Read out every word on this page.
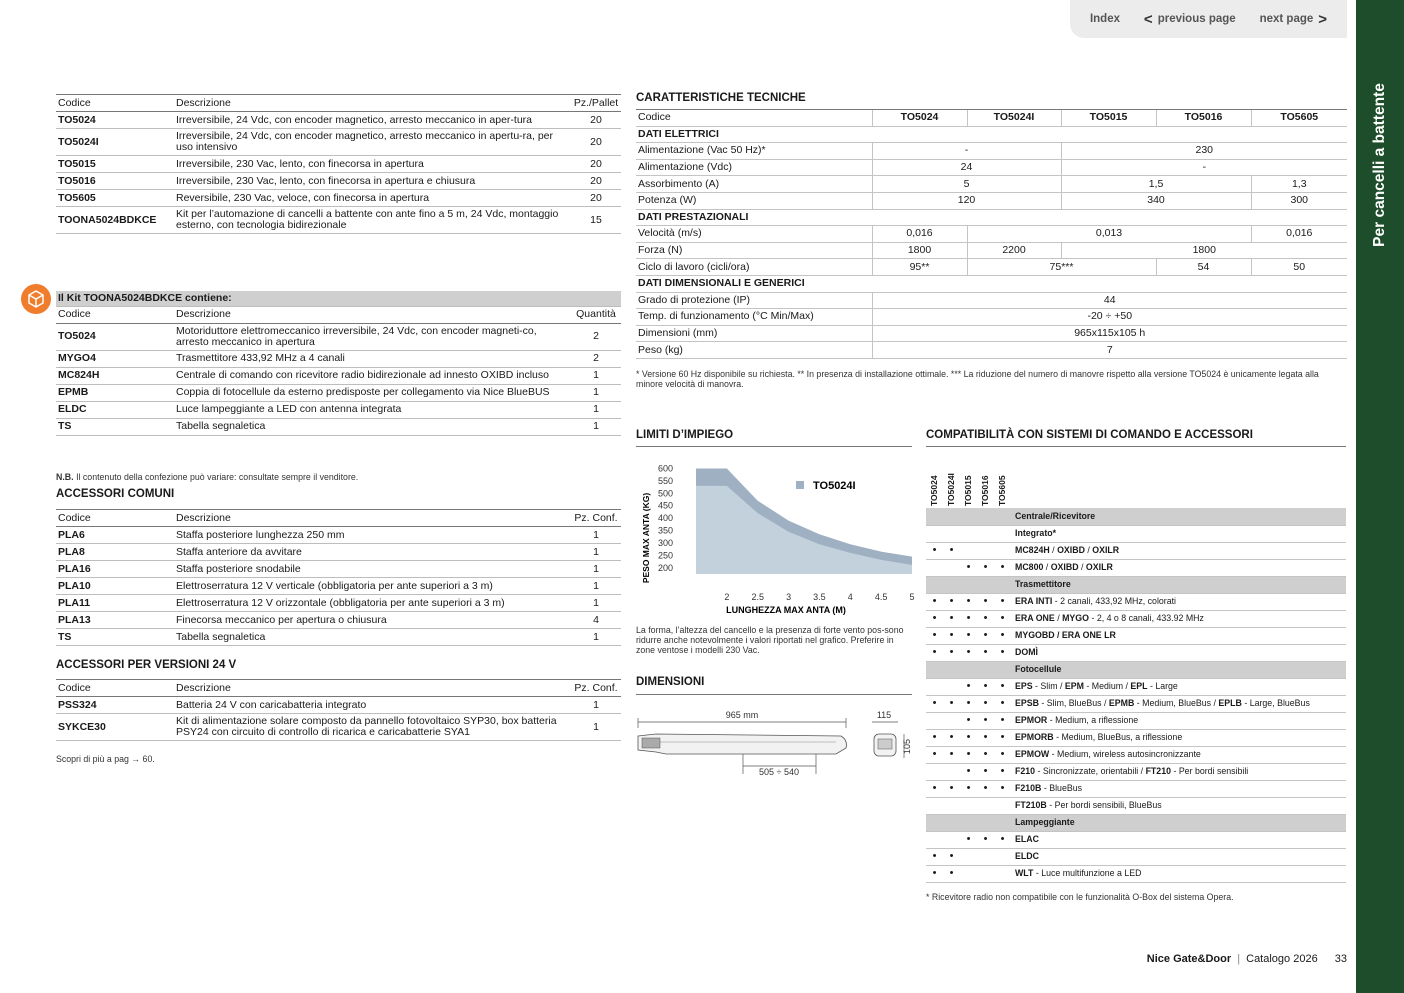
Index < previous page next page >
Per cancelli a battente
Codice	Descrizione	Pz./Pallet
TO5024	Irreversibile, 24 Vdc, con encoder magnetico, arresto meccanico in aper-tura	20
TO5024I	Irreversibile, 24 Vdc, con encoder magnetico, arresto meccanico in apertu-ra, per uso intensivo	20
TO5015	Irreversibile, 230 Vac, lento, con finecorsa in apertura	20
TO5016	Irreversibile, 230 Vac, lento, con finecorsa in apertura e chiusura	20
TO5605	Reversibile, 230 Vac, veloce, con finecorsa in apertura	20
TOONA5024BDKCE	Kit per l’automazione di cancelli a battente con ante fino a 5 m, 24 Vdc, montaggio esterno, con tecnologia bidirezionale	15
Il Kit TOONA5024BDKCE contiene:		
Codice	Descrizione	Quantità
TO5024	Motoriduttore elettromeccanico irreversibile, 24 Vdc, con encoder magneti-co, arresto meccanico in apertura	2
MYGO4	Trasmettitore 433,92 MHz a 4 canali	2
MC824H	Centrale di comando con ricevitore radio bidirezionale ad innesto OXIBD incluso	1
EPMB	Coppia di fotocellule da esterno predisposte per collegamento via Nice BlueBUS	1
ELDC	Luce lampeggiante a LED con antenna integrata	1
TS	Tabella segnaletica	1
N.B. Il contenuto della confezione può variare: consultate sempre il venditore.
ACCESSORI COMUNI
Codice	Descrizione	Pz. Conf.
PLA6	Staffa posteriore lunghezza 250 mm	1
PLA8	Staffa anteriore da avvitare	1
PLA16	Staffa posteriore snodabile	1
PLA10	Elettroserratura 12 V verticale (obbligatoria per ante superiori a 3 m)	1
PLA11	Elettroserratura 12 V orizzontale (obbligatoria per ante superiori a 3 m)	1
PLA13	Finecorsa meccanico per apertura o chiusura	4
TS	Tabella segnaletica	1
ACCESSORI PER VERSIONI 24 V
Codice	Descrizione	Pz. Conf.
PSS324	Batteria 24 V con caricabatteria integrato	1
SYKCE30	Kit di alimentazione solare composto da pannello fotovoltaico SYP30, box batteria PSY24 con circuito di controllo di ricarica e caricabatterie SYA1	1
Scopri di più a pag → 60.
CARATTERISTICHE TECNICHE
Codice	TO5024	TO5024I	TO5015	TO5016	TO5605
DATI ELETTRICI					
Alimentazione (Vac 50 Hz)*	-		230		
Alimentazione (Vdc)	24		-		
Assorbimento (A)	5		1,5		1,3
Potenza (W)	120		340		300
DATI PRESTAZIONALI					
Velocità (m/s)	0,016	0,013			0,016
Forza (N)	1800	2200	1800		
Ciclo di lavoro (cicli/ora)	95**	75***		54	50
DATI DIMENSIONALI E GENERICI					
Grado di protezione (IP)	44				
Temp. di funzionamento (°C Min/Max)	-20 ÷ +50				
Dimensioni (mm)	965x115x105 h				
Peso (kg)	7				
* Versione 60 Hz disponibile su richiesta. ** In presenza di installazione ottimale. *** La riduzione del numero di manovre rispetto alla versione TO5024 è unicamente legata alla minore velocità di manovra.
LIMITI D’IMPIEGO
600
550
500
450
400
350
300
250
200
2 2.5 3 3.5 4 4.5 5
TO5024I
LUNGHEZZA MAX ANTA (M)
PESO MAX ANTA (KG)
La forma, l’altezza del cancello e la presenza di forte vento pos-sono ridurre anche notevolmente i valori riportati nel grafico. Preferire in zone ventose i modelli 230 Vac.
DIMENSIONI
965 mm
505 ÷ 540
115
105
COMPATIBILITÀ CON SISTEMI DI COMANDO E ACCESSORI
TO5024 TO5024I TO5015 TO5016 TO5605
					Centrale/Ricevitore
					Integrato*
•	•				MC824H / OXIBD / OXILR
		•	•	•	MC800 / OXIBD / OXILR
					Trasmettitore
•	•	•	•	•	ERA INTI - 2 canali, 433,92 MHz, colorati
•	•	•	•	•	ERA ONE / MYGO - 2, 4 o 8 canali, 433.92 MHz
•	•	•	•	•	MYGOBD / ERA ONE LR
•	•	•	•	•	DOMÌ
					Fotocellule
		•	•	•	EPS - Slim / EPM - Medium / EPL - Large
•	•	•	•	•	EPSB - Slim, BlueBus / EPMB - Medium, BlueBus / EPLB - Large, BlueBus
		•	•	•	EPMOR - Medium, a riflessione
•	•	•	•	•	EPMORB - Medium, BlueBus, a riflessione
•	•	•	•	•	EPMOW - Medium, wireless autosincronizzante
		•	•	•	F210 - Sincronizzate, orientabili / FT210 - Per bordi sensibili
•	•	•	•	•	F210B - BlueBus
					FT210B - Per bordi sensibili, BlueBus
					Lampeggiante
		•	•	•	ELAC
•	•				ELDC
•	•				WLT - Luce multifunzione a LED
* Ricevitore radio non compatibile con le funzionalità O-Box del sistema Opera.
Nice Gate&Door | Catalogo 2026 33
